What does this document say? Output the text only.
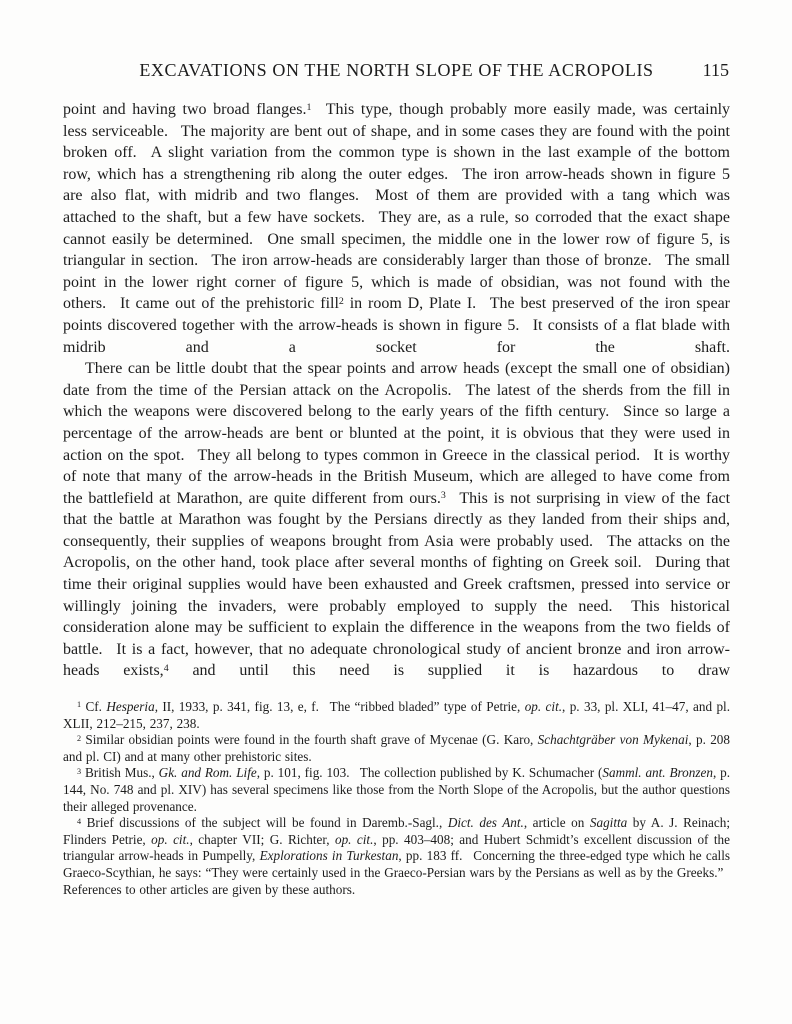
EXCAVATIONS ON THE NORTH SLOPE OF THE ACROPOLIS	115

point and having two broad flanges.$^1$  This type, though probably more easily made, was certainly less serviceable.  The majority are bent out of shape, and in some cases they are found with the point broken off.  A slight variation from the common type is shown in the last example of the bottom row, which has a strengthening rib along the outer edges.  The iron arrow-heads shown in figure 5 are also flat, with midrib and two flanges.  Most of them are provided with a tang which was attached to the shaft, but a few have sockets.  They are, as a rule, so corroded that the exact shape cannot easily be determined.  One small specimen, the middle one in the lower row of figure 5, is triangular in section.  The iron arrow-heads are considerably larger than those of bronze.  The small point in the lower right corner of figure 5, which is made of obsidian, was not found with the others.  It came out of the prehistoric fill$^2$ in room D, Plate I.  The best preserved of the iron spear points discovered together with the arrow-heads is shown in figure 5.  It consists of a flat blade with midrib and a socket for the shaft.

There can be little doubt that the spear points and arrow heads (except the small one of obsidian) date from the time of the Persian attack on the Acropolis.  The latest of the sherds from the fill in which the weapons were discovered belong to the early years of the fifth century.  Since so large a percentage of the arrow-heads are bent or blunted at the point, it is obvious that they were used in action on the spot.  They all belong to types common in Greece in the classical period.  It is worthy of note that many of the arrow-heads in the British Museum, which are alleged to have come from the battlefield at Marathon, are quite different from ours.$^3$  This is not surprising in view of the fact that the battle at Marathon was fought by the Persians directly as they landed from their ships and, consequently, their supplies of weapons brought from Asia were probably used.  The attacks on the Acropolis, on the other hand, took place after several months of fighting on Greek soil.  During that time their original supplies would have been exhausted and Greek craftsmen, pressed into service or willingly joining the invaders, were probably employed to supply the need.  This historical consideration alone may be sufficient to explain the difference in the weapons from the two fields of battle.  It is a fact, however, that no adequate chronological study of ancient bronze and iron arrow-heads exists,$^4$ and until this need is supplied it is hazardous to draw

$^1$ Cf. Hesperia, II, 1933, p. 341, fig. 13, e, f.  The “ribbed bladed” type of Petrie, op. cit., p. 33, pl. XLI, 41–47, and pl. XLII, 212–215, 237, 238.

$^2$ Similar obsidian points were found in the fourth shaft grave of Mycenae (G. Karo, Schachtgräber von Mykenai, p. 208 and pl. CI) and at many other prehistoric sites.

$^3$ British Mus., Gk. and Rom. Life, p. 101, fig. 103.  The collection published by K. Schumacher (Samml. ant. Bronzen, p. 144, No. 748 and pl. XIV) has several specimens like those from the North Slope of the Acropolis, but the author questions their alleged provenance.

$^4$ Brief discussions of the subject will be found in Daremb.-Sagl., Dict. des Ant., article on Sagitta by A. J. Reinach; Flinders Petrie, op. cit., chapter VII; G. Richter, op. cit., pp. 403–408; and Hubert Schmidt’s excellent discussion of the triangular arrow-heads in Pumpelly, Explorations in Turkestan, pp. 183 ff.  Concerning the three-edged type which he calls Graeco-Scythian, he says: “They were certainly used in the Graeco-Persian wars by the Persians as well as by the Greeks.”  References to other articles are given by these authors.
